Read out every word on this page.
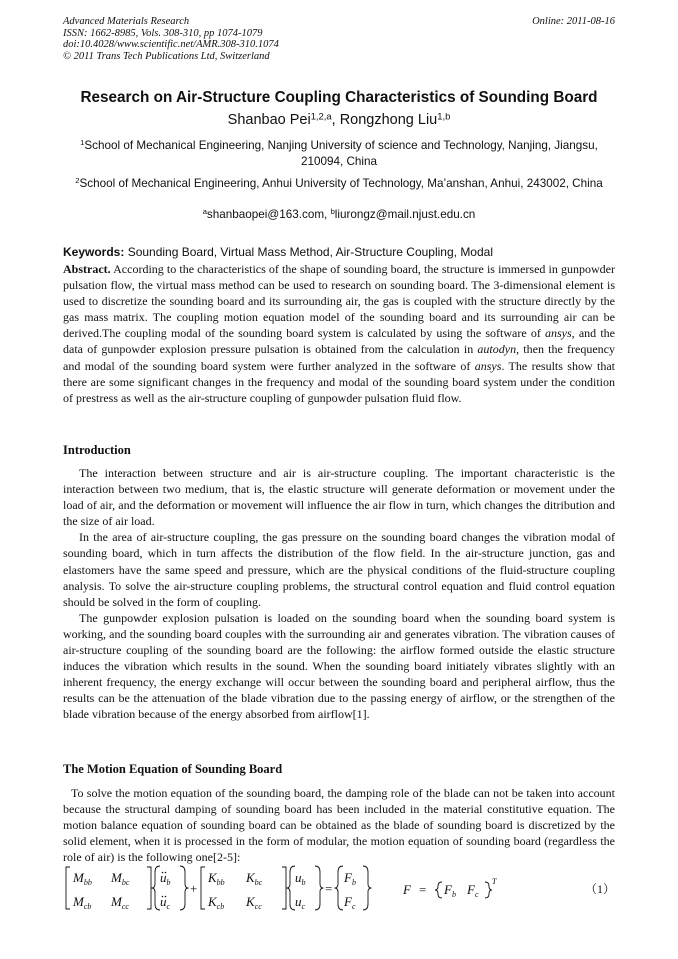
Advanced Materials Research
ISSN: 1662-8985, Vols. 308-310, pp 1074-1079
doi:10.4028/www.scientific.net/AMR.308-310.1074
© 2011 Trans Tech Publications Ltd, Switzerland
Online: 2011-08-16
Research on Air-Structure Coupling Characteristics of Sounding Board
Shanbao Pei$^{1,2,a}$, Rongzhong Liu$^{1,b}$
$^1$School of Mechanical Engineering, Nanjing University of science and Technology, Nanjing, Jiangsu, 210094, China
$^2$School of Mechanical Engineering, Anhui University of Technology, Ma’anshan, Anhui, 243002, China
$^a$shanbaopei@163.com, $^b$liurongz@mail.njust.edu.cn
Keywords: Sounding Board, Virtual Mass Method, Air-Structure Coupling, Modal
Abstract. According to the characteristics of the shape of sounding board, the structure is immersed in gunpowder pulsation flow, the virtual mass method can be used to research on sounding board. The 3-dimensional element is used to discretize the sounding board and its surrounding air, the gas is coupled with the structure directly by the gas mass matrix. The coupling motion equation model of the sounding board and its surrounding air can be derived.The coupling modal of the sounding board system is calculated by using the software of ansys, and the data of gunpowder explosion pressure pulsation is obtained from the calculation in autodyn, then the frequency and modal of the sounding board system were further analyzed in the software of ansys. The results show that there are some significant changes in the frequency and modal of the sounding board system under the condition of prestress as well as the air-structure coupling of gunpowder pulsation fluid flow.
Introduction

The interaction between structure and air is air-structure coupling. The important characteristic is the interaction between two medium, that is, the elastic structure will generate deformation or movement under the load of air, and the deformation or movement will influence the air flow in turn, which changes the ditribution and the size of air load.

In the area of air-structure coupling, the gas pressure on the sounding board changes the vibration modal of sounding board, which in turn affects the distribution of the flow field. In the air-structure junction, gas and elastomers have the same speed and pressure, which are the physical conditions of the fluid-structure coupling analysis. To solve the air-structure coupling problems, the structural control equation and fluid control equation should be solved in the form of coupling.

The gunpowder explosion pulsation is loaded on the sounding board when the sounding board system is working, and the sounding board couples with the surrounding air and generates vibration. The vibration causes of air-structure coupling of the sounding board are the following: the airflow formed outside the elastic structure induces the vibration which results in the sound. When the sounding board initiately vibrates slightly with an inherent frequency, the energy exchange will occur between the sounding board and peripheral airflow, thus the results can be the attenuation of the blade vibration due to the passing energy of airflow, or the strengthen of the blade vibration because of the energy absorbed from airflow[1].

The Motion Equation of Sounding Board

To solve the motion equation of the sounding board, the damping role of the blade can not be taken into account because the structural damping of sounding board has been included in the material constitutive equation. The motion balance equation of sounding board can be obtained as the blade of sounding board is discretized by the solid element, when it is processed in the form of modular, the motion equation of sounding board (regardless the role of air) is the following one[2-5]:

$M_{bb}$ $M_{bc}$
$M_{cb}$ $M_{cc}$
$u_b$
$u_c$
+
$K_{bb}$ $K_{bc}$
$K_{cb}$ $K_{cc}$
$u_b$
$u_c$
=
$F_b$
$F_c$
$F = F_b$ $F_c$
T
（1）
